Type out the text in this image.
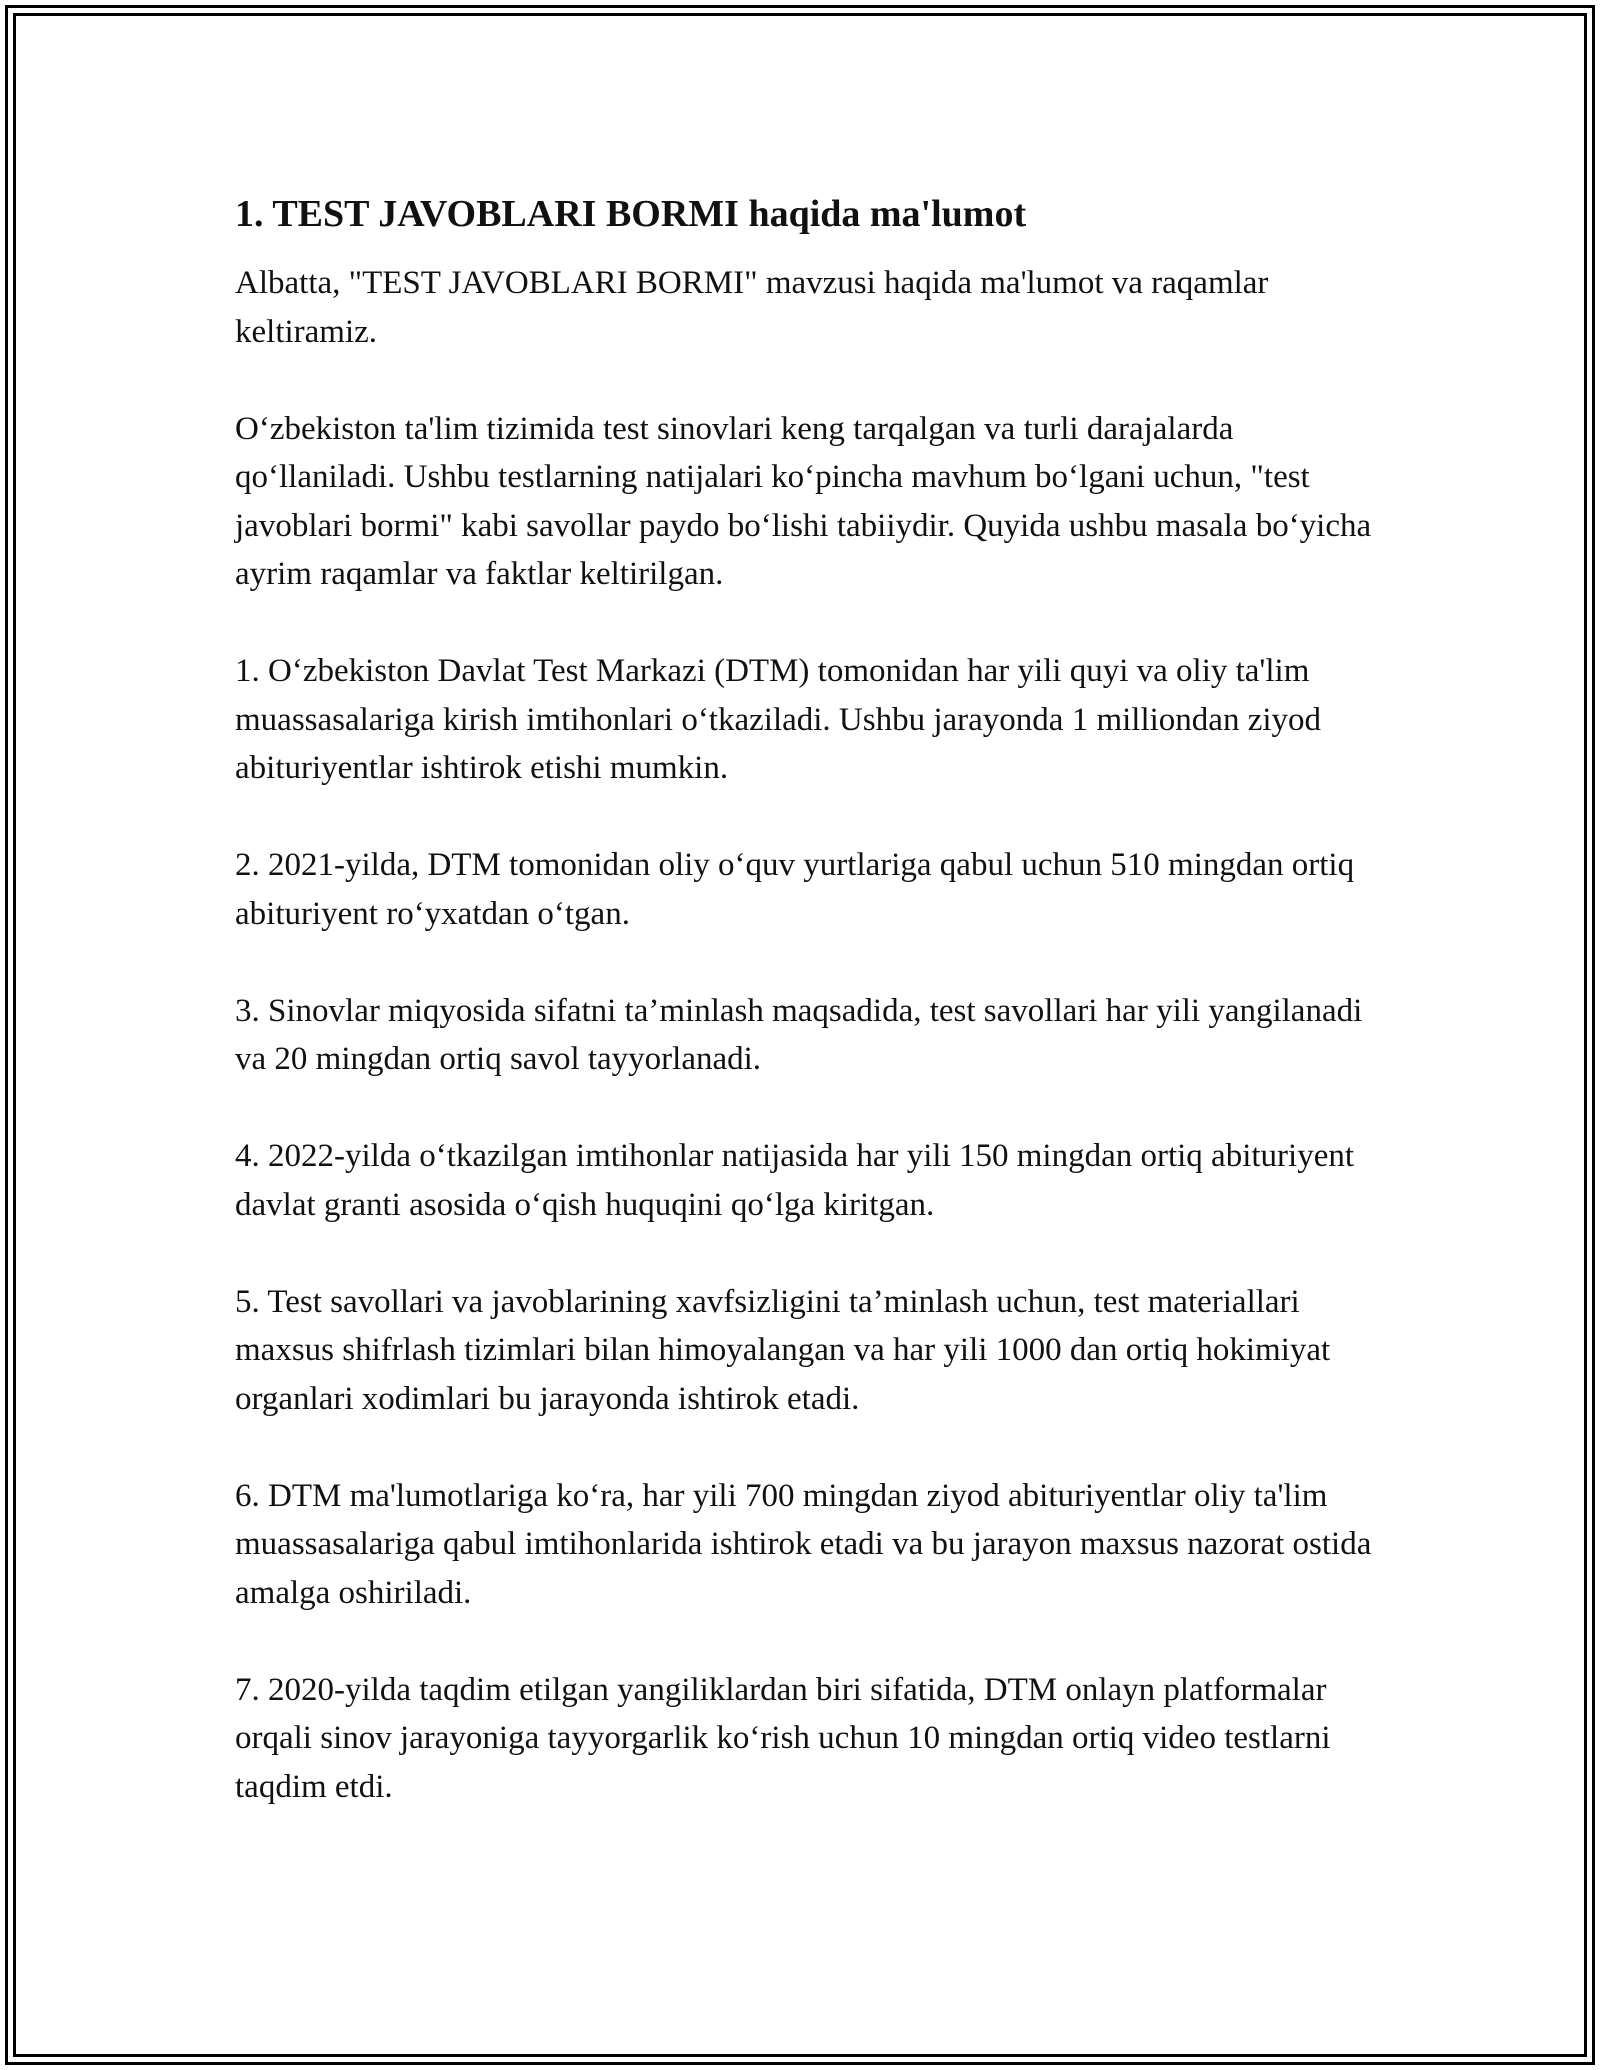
1. TEST JAVOBLARI BORMI haqida ma'lumot

Albatta, "TEST JAVOBLARI BORMI" mavzusi haqida ma'lumot va raqamlar keltiramiz.

O‘zbekiston ta'lim tizimida test sinovlari keng tarqalgan va turli darajalarda qo‘llaniladi. Ushbu testlarning natijalari ko‘pincha mavhum bo‘lgani uchun, "test javoblari bormi" kabi savollar paydo bo‘lishi tabiiydir. Quyida ushbu masala bo‘yicha ayrim raqamlar va faktlar keltirilgan.

1. O‘zbekiston Davlat Test Markazi (DTM) tomonidan har yili quyi va oliy ta'lim muassasalariga kirish imtihonlari o‘tkaziladi. Ushbu jarayonda 1 milliondan ziyod abituriyentlar ishtirok etishi mumkin.

2. 2021-yilda, DTM tomonidan oliy o‘quv yurtlariga qabul uchun 510 mingdan ortiq abituriyent ro‘yxatdan o‘tgan.

3. Sinovlar miqyosida sifatni ta’minlash maqsadida, test savollari har yili yangilanadi va 20 mingdan ortiq savol tayyorlanadi.

4. 2022-yilda o‘tkazilgan imtihonlar natijasida har yili 150 mingdan ortiq abituriyent davlat granti asosida o‘qish huquqini qo‘lga kiritgan.

5. Test savollari va javoblarining xavfsizligini ta’minlash uchun, test materiallari maxsus shifrlash tizimlari bilan himoyalangan va har yili 1000 dan ortiq hokimiyat organlari xodimlari bu jarayonda ishtirok etadi.

6. DTM ma'lumotlariga ko‘ra, har yili 700 mingdan ziyod abituriyentlar oliy ta'lim muassasalariga qabul imtihonlarida ishtirok etadi va bu jarayon maxsus nazorat ostida amalga oshiriladi.

7. 2020-yilda taqdim etilgan yangiliklardan biri sifatida, DTM onlayn platformalar orqali sinov jarayoniga tayyorgarlik ko‘rish uchun 10 mingdan ortiq video testlarni taqdim etdi.
